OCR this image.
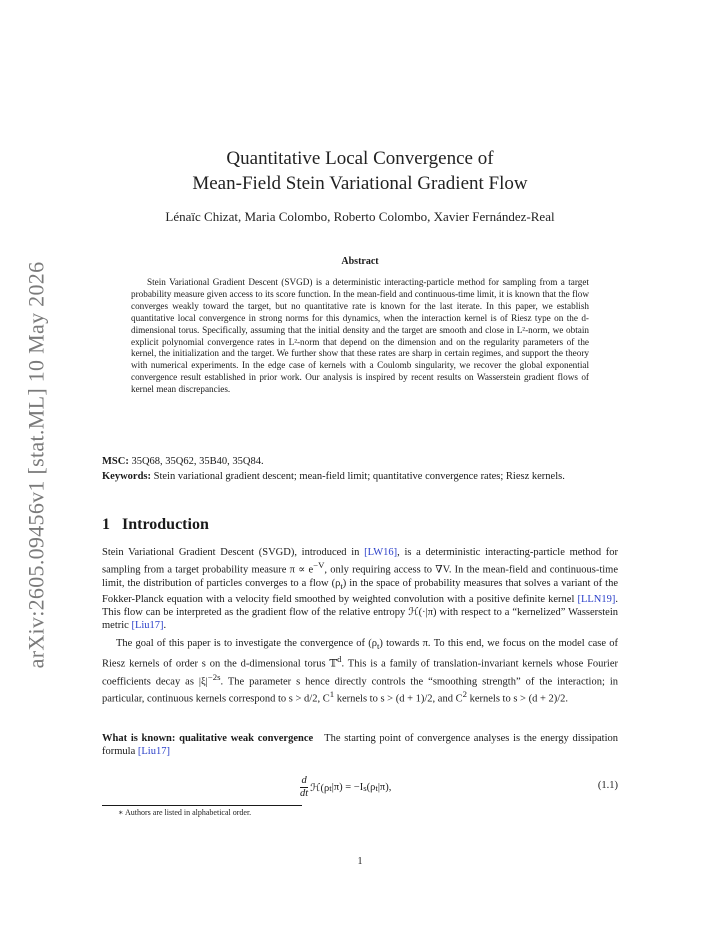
arXiv:2605.09456v1 [stat.ML] 10 May 2026
Quantitative Local Convergence of
Mean-Field Stein Variational Gradient Flow
Lénaïc Chizat, Maria Colombo, Roberto Colombo, Xavier Fernández-Real
Abstract

Stein Variational Gradient Descent (SVGD) is a deterministic interacting-particle method for sampling from a target probability measure given access to its score function. In the mean-field and continuous-time limit, it is known that the flow converges weakly toward the target, but no quantitative rate is known for the last iterate. In this paper, we establish quantitative local convergence in strong norms for this dynamics, when the interaction kernel is of Riesz type on the d-dimensional torus. Specifically, assuming that the initial density and the target are smooth and close in L²-norm, we obtain explicit polynomial convergence rates in L²-norm that depend on the dimension and on the regularity parameters of the kernel, the initialization and the target. We further show that these rates are sharp in certain regimes, and support the theory with numerical experiments. In the edge case of kernels with a Coulomb singularity, we recover the global exponential convergence result established in prior work. Our analysis is inspired by recent results on Wasserstein gradient flows of kernel mean discrepancies.

MSC: 35Q68, 35Q62, 35B40, 35Q84.

Keywords: Stein variational gradient descent; mean-field limit; quantitative convergence rates; Riesz kernels.

1 Introduction

Stein Variational Gradient Descent (SVGD), introduced in [LW16], is a deterministic interacting-particle method for sampling from a target probability measure $\pi \propto e^{-V}$, only requiring access to ∇V. In the mean-field and continuous-time limit, the distribution of particles converges to a flow $(\rho_t)$ in the space of probability measures that solves a variant of the Fokker-Planck equation with a velocity field smoothed by weighted convolution with a positive definite kernel [LLN19]. This flow can be interpreted as the gradient flow of the relative entropy ℋ(·|π) with respect to a “kernelized” Wasserstein metric [Liu17].

The goal of this paper is to investigate the convergence of $(\rho_t)$ towards π. To this end, we focus on the model case of Riesz kernels of order s on the d-dimensional torus 𝕋$^d$. This is a family of translation-invariant kernels whose Fourier coefficients decay as $|\xi|^{-2s}$. The parameter s hence directly controls the “smoothing strength” of the interaction; in particular, continuous kernels correspond to s > d/2, $C^1$ kernels to s > (d + 1)/2, and $C^2$ kernels to s > (d + 2)/2.

What is known: qualitative weak convergence The starting point of convergence analyses is the energy dissipation formula [Liu17]

$\frac{d}{dt}$ ℋ(ρ t |π) = −I s (ρ t |π),	(1.1)
∗ Authors are listed in alphabetical order.
1
